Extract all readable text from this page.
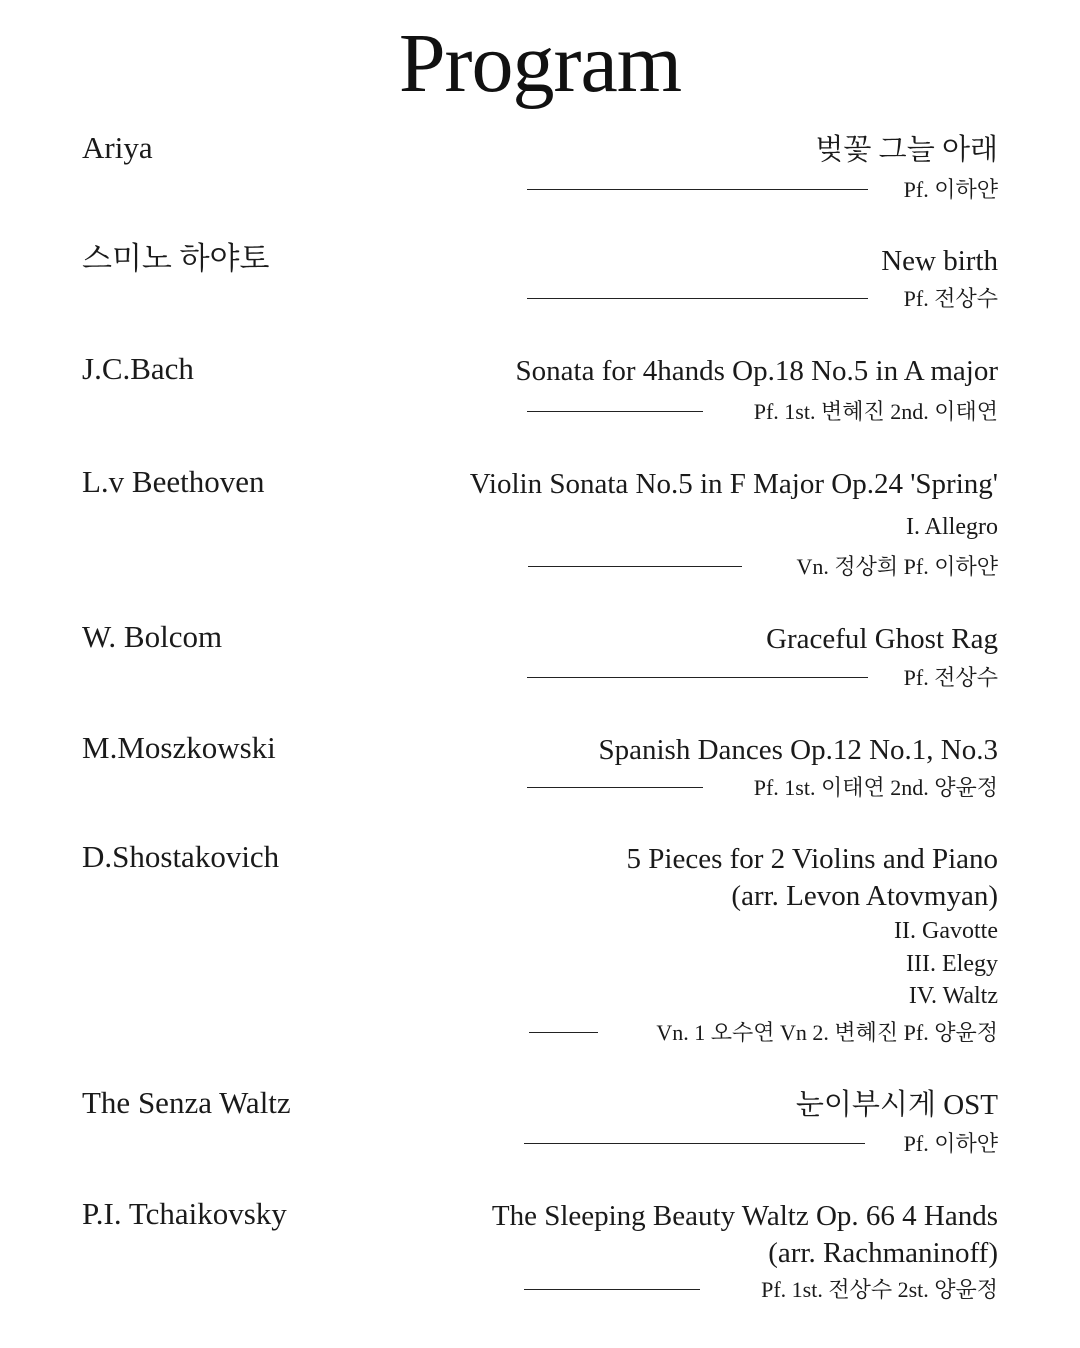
Program
Ariya	벚꽃 그늘 아래
Pf. 이하얀
스미노 하야토	New birth
Pf. 전상수
J.C.Bach	Sonata for 4hands Op.18 No.5 in A major
Pf. 1st. 변혜진 2nd. 이태연
L.v Beethoven	Violin Sonata No.5 in F Major Op.24 'Spring'
I. Allegro
Vn. 정상희 Pf. 이하얀
W. Bolcom	Graceful Ghost Rag
Pf. 전상수
M.Moszkowski	Spanish Dances Op.12 No.1, No.3
Pf. 1st. 이태연 2nd. 양윤정
D.Shostakovich	5 Pieces for 2 Violins and Piano
(arr. Levon Atovmyan)
II. Gavotte
III. Elegy
IV. Waltz
Vn. 1 오수연 Vn 2. 변혜진 Pf. 양윤정
The Senza Waltz	눈이부시게 OST
Pf. 이하얀
P.I. Tchaikovsky	The Sleeping Beauty Waltz Op. 66 4 Hands
(arr. Rachmaninoff)
Pf. 1st. 전상수 2st. 양윤정
